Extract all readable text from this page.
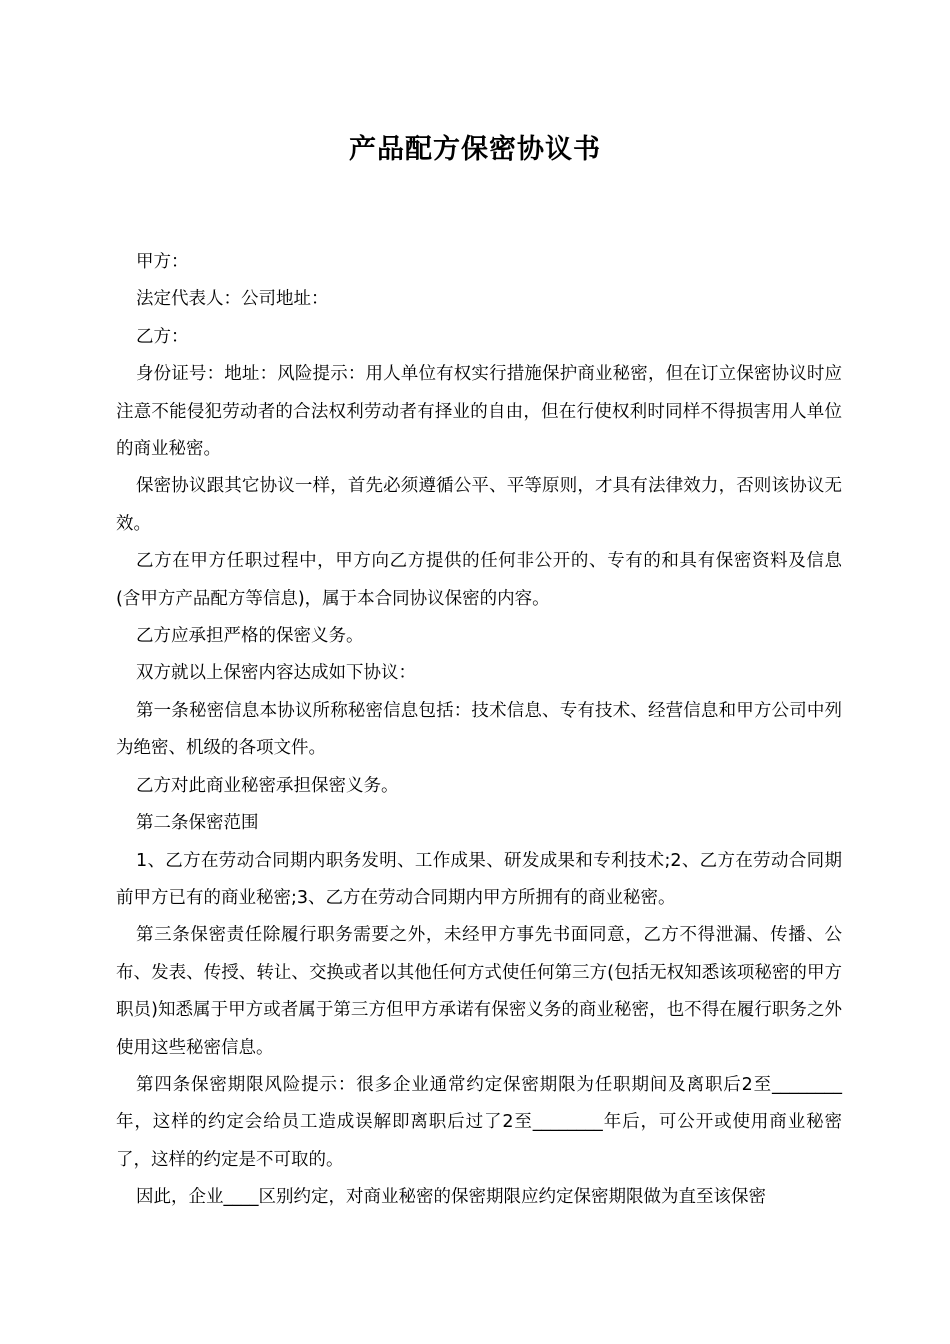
产品配方保密协议书

甲方：

法定代表人：公司地址：

乙方：

身份证号：地址：风险提示：用人单位有权实行措施保护商业秘密，但在订立保密协议时应注意不能侵犯劳动者的合法权利劳动者有择业的自由，但在行使权利时同样不得损害用人单位的商业秘密。

保密协议跟其它协议一样，首先必须遵循公平、平等原则，才具有法律效力，否则该协议无效。

乙方在甲方任职过程中，甲方向乙方提供的任何非公开的、专有的和具有保密资料及信息(含甲方产品配方等信息)，属于本合同协议保密的内容。

乙方应承担严格的保密义务。

双方就以上保密内容达成如下协议：

第一条秘密信息本协议所称秘密信息包括：技术信息、专有技术、经营信息和甲方公司中列为绝密、机级的各项文件。

乙方对此商业秘密承担保密义务。

第二条保密范围

1、乙方在劳动合同期内职务发明、工作成果、研发成果和专利技术;2、乙方在劳动合同期前甲方已有的商业秘密;3、乙方在劳动合同期内甲方所拥有的商业秘密。

第三条保密责任除履行职务需要之外，未经甲方事先书面同意，乙方不得泄漏、传播、公布、发表、传授、转让、交换或者以其他任何方式使任何第三方(包括无权知悉该项秘密的甲方职员)知悉属于甲方或者属于第三方但甲方承诺有保密义务的商业秘密，也不得在履行职务之外使用这些秘密信息。

第四条保密期限风险提示：很多企业通常约定保密期限为任职期间及离职后2至________年，这样的约定会给员工造成误解即离职后过了2至________年后，可公开或使用商业秘密了，这样的约定是不可取的。

因此，企业____区别约定，对商业秘密的保密期限应约定保密期限做为直至该保密
